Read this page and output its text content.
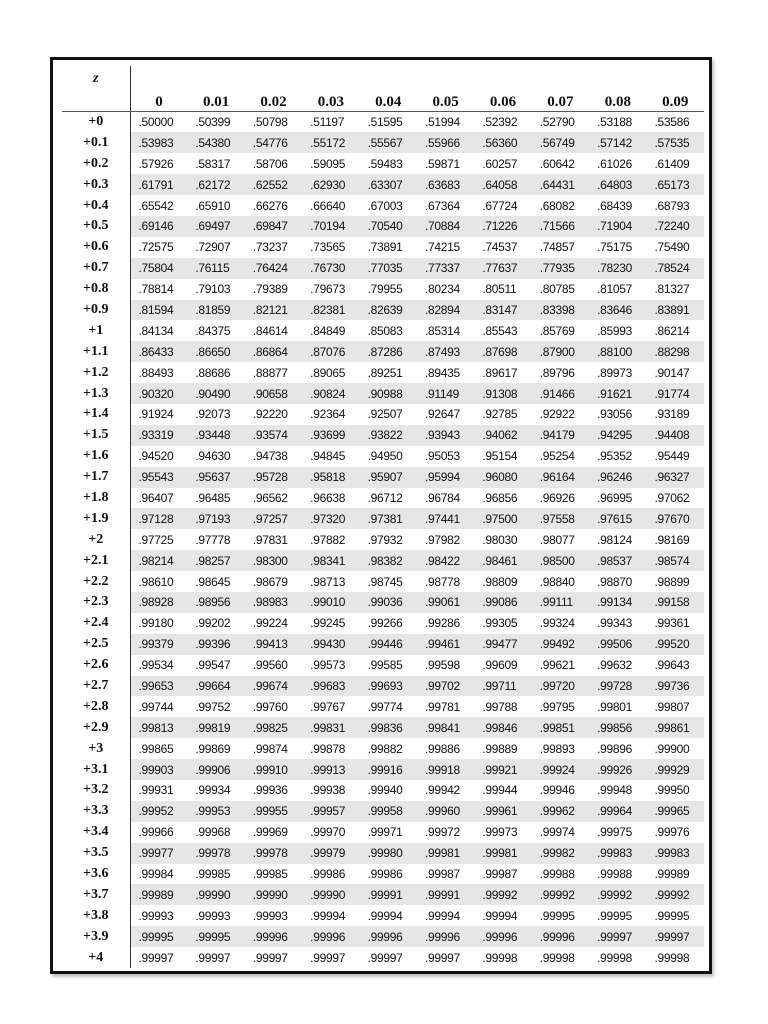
z	0	0.01	0.02	0.03	0.04	0.05	0.06	0.07	0.08	0.09
+0	.50000	.50399	.50798	.51197	.51595	.51994	.52392	.52790	.53188	.53586
+0.1	.53983	.54380	.54776	.55172	.55567	.55966	.56360	.56749	.57142	.57535
+0.2	.57926	.58317	.58706	.59095	.59483	.59871	.60257	.60642	.61026	.61409
+0.3	.61791	.62172	.62552	.62930	.63307	.63683	.64058	.64431	.64803	.65173
+0.4	.65542	.65910	.66276	.66640	.67003	.67364	.67724	.68082	.68439	.68793
+0.5	.69146	.69497	.69847	.70194	.70540	.70884	.71226	.71566	.71904	.72240
+0.6	.72575	.72907	.73237	.73565	.73891	.74215	.74537	.74857	.75175	.75490
+0.7	.75804	.76115	.76424	.76730	.77035	.77337	.77637	.77935	.78230	.78524
+0.8	.78814	.79103	.79389	.79673	.79955	.80234	.80511	.80785	.81057	.81327
+0.9	.81594	.81859	.82121	.82381	.82639	.82894	.83147	.83398	.83646	.83891
+1	.84134	.84375	.84614	.84849	.85083	.85314	.85543	.85769	.85993	.86214
+1.1	.86433	.86650	.86864	.87076	.87286	.87493	.87698	.87900	.88100	.88298
+1.2	.88493	.88686	.88877	.89065	.89251	.89435	.89617	.89796	.89973	.90147
+1.3	.90320	.90490	.90658	.90824	.90988	.91149	.91308	.91466	.91621	.91774
+1.4	.91924	.92073	.92220	.92364	.92507	.92647	.92785	.92922	.93056	.93189
+1.5	.93319	.93448	.93574	.93699	.93822	.93943	.94062	.94179	.94295	.94408
+1.6	.94520	.94630	.94738	.94845	.94950	.95053	.95154	.95254	.95352	.95449
+1.7	.95543	.95637	.95728	.95818	.95907	.95994	.96080	.96164	.96246	.96327
+1.8	.96407	.96485	.96562	.96638	.96712	.96784	.96856	.96926	.96995	.97062
+1.9	.97128	.97193	.97257	.97320	.97381	.97441	.97500	.97558	.97615	.97670
+2	.97725	.97778	.97831	.97882	.97932	.97982	.98030	.98077	.98124	.98169
+2.1	.98214	.98257	.98300	.98341	.98382	.98422	.98461	.98500	.98537	.98574
+2.2	.98610	.98645	.98679	.98713	.98745	.98778	.98809	.98840	.98870	.98899
+2.3	.98928	.98956	.98983	.99010	.99036	.99061	.99086	.99111	.99134	.99158
+2.4	.99180	.99202	.99224	.99245	.99266	.99286	.99305	.99324	.99343	.99361
+2.5	.99379	.99396	.99413	.99430	.99446	.99461	.99477	.99492	.99506	.99520
+2.6	.99534	.99547	.99560	.99573	.99585	.99598	.99609	.99621	.99632	.99643
+2.7	.99653	.99664	.99674	.99683	.99693	.99702	.99711	.99720	.99728	.99736
+2.8	.99744	.99752	.99760	.99767	.99774	.99781	.99788	.99795	.99801	.99807
+2.9	.99813	.99819	.99825	.99831	.99836	.99841	.99846	.99851	.99856	.99861
+3	.99865	.99869	.99874	.99878	.99882	.99886	.99889	.99893	.99896	.99900
+3.1	.99903	.99906	.99910	.99913	.99916	.99918	.99921	.99924	.99926	.99929
+3.2	.99931	.99934	.99936	.99938	.99940	.99942	.99944	.99946	.99948	.99950
+3.3	.99952	.99953	.99955	.99957	.99958	.99960	.99961	.99962	.99964	.99965
+3.4	.99966	.99968	.99969	.99970	.99971	.99972	.99973	.99974	.99975	.99976
+3.5	.99977	.99978	.99978	.99979	.99980	.99981	.99981	.99982	.99983	.99983
+3.6	.99984	.99985	.99985	.99986	.99986	.99987	.99987	.99988	.99988	.99989
+3.7	.99989	.99990	.99990	.99990	.99991	.99991	.99992	.99992	.99992	.99992
+3.8	.99993	.99993	.99993	.99994	.99994	.99994	.99994	.99995	.99995	.99995
+3.9	.99995	.99995	.99996	.99996	.99996	.99996	.99996	.99996	.99997	.99997
+4	.99997	.99997	.99997	.99997	.99997	.99997	.99998	.99998	.99998	.99998
